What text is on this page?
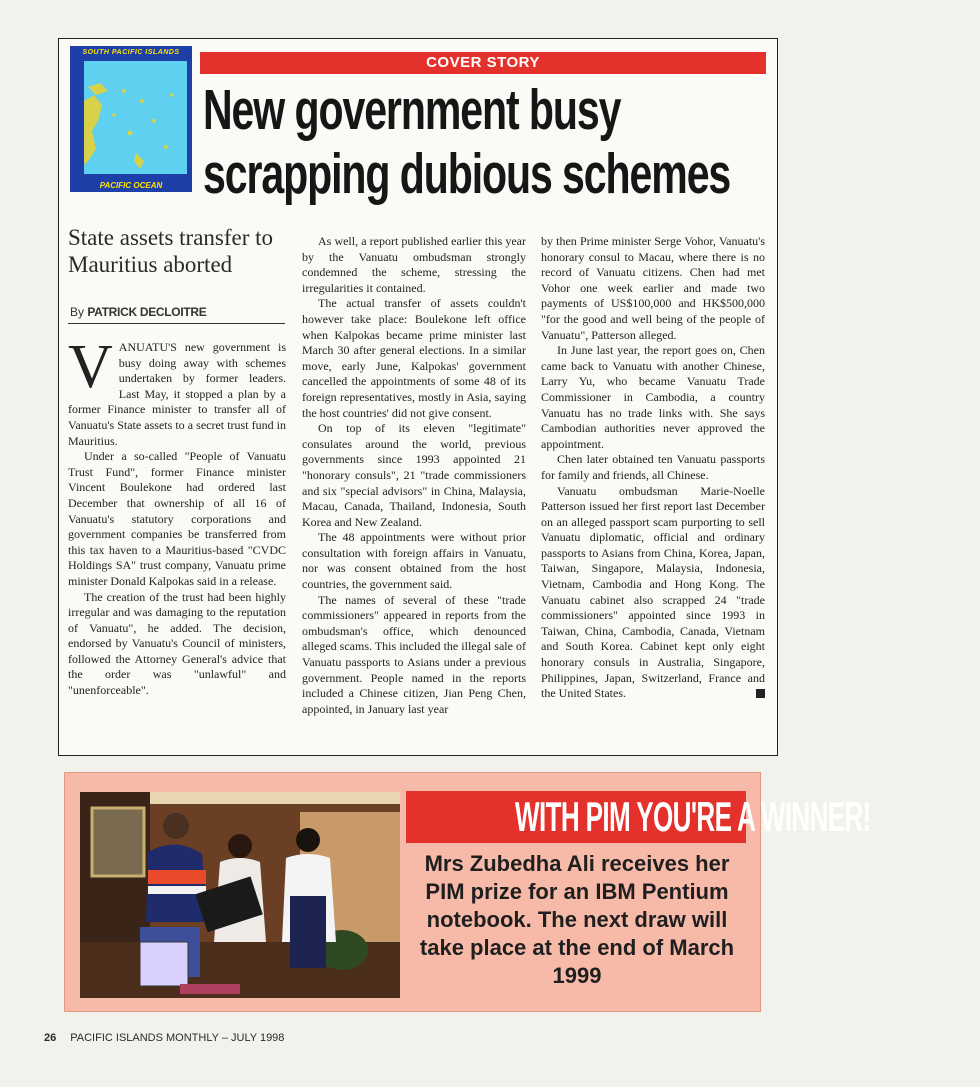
SOUTH PACIFIC ISLANDS
PACIFIC OCEAN
COVER STORY
New government busy
scrapping dubious schemes

State assets transfer to Mauritius aborted

By PATRICK DECLOITRE

VANUATU'S new government is busy doing away with schemes undertaken by former leaders. Last May, it stopped a plan by a former Finance minister to transfer all of Vanuatu's State assets to a secret trust fund in Mauritius.

Under a so-called "People of Vanuatu Trust Fund", former Finance minister Vincent Boulekone had ordered last December that ownership of all 16 of Vanuatu's statutory corporations and government companies be transferred from this tax haven to a Mauritius-based "CVDC Holdings SA" trust company, Vanuatu prime minister Donald Kalpokas said in a release.

The creation of the trust had been highly irregular and was damaging to the reputation of Vanuatu", he added. The decision, endorsed by Vanuatu's Council of ministers, followed the Attorney General's advice that the order was "unlawful" and "unenforceable".

As well, a report published earlier this year by the Vanuatu ombudsman strongly condemned the scheme, stressing the irregularities it contained.

The actual transfer of assets couldn't however take place: Boulekone left office when Kalpokas became prime minister last March 30 after general elections. In a similar move, early June, Kalpokas' government cancelled the appointments of some 48 of its foreign representatives, mostly in Asia, saying the host countries' did not give consent.

On top of its eleven "legitimate" consulates around the world, previous governments since 1993 appointed 21 "honorary consuls", 21 "trade commissioners and six "special advisors" in China, Malaysia, Macau, Canada, Thailand, Indonesia, South Korea and New Zealand.

The 48 appointments were without prior consultation with foreign affairs in Vanuatu, nor was consent obtained from the host countries, the government said.

The names of several of these "trade commissioners" appeared in reports from the ombudsman's office, which denounced alleged scams. This included the illegal sale of Vanuatu passports to Asians under a previous government. People named in the reports included a Chinese citizen, Jian Peng Chen, appointed, in January last year

by then Prime minister Serge Vohor, Vanuatu's honorary consul to Macau, where there is no record of Vanuatu citizens. Chen had met Vohor one week earlier and made two payments of US$100,000 and HK$500,000 "for the good and well being of the people of Vanuatu", Patterson alleged.

In June last year, the report goes on, Chen came back to Vanuatu with another Chinese, Larry Yu, who became Vanuatu Trade Commissioner in Cambodia, a country Vanuatu has no trade links with. She says Cambodian authorities never approved the appointment.

Chen later obtained ten Vanuatu passports for family and friends, all Chinese.

Vanuatu ombudsman Marie-Noelle Patterson issued her first report last December on an alleged passport scam purporting to sell Vanuatu diplomatic, official and ordinary passports to Asians from China, Korea, Japan, Taiwan, Singapore, Malaysia, Indonesia, Vietnam, Cambodia and Hong Kong. The Vanuatu cabinet also scrapped 24 "trade commissioners" appointed since 1993 in Taiwan, China, Cambodia, Canada, Vietnam and South Korea. Cabinet kept only eight honorary consuls in Australia, Singapore, Philippines, Japan, Switzerland, France and the United States.

WITH PIM YOU'RE A WINNER!

Mrs Zubedha Ali receives her PIM prize for an IBM Pentium notebook. The next draw will take place at the end of March 1999

26 PACIFIC ISLANDS MONTHLY – JULY 1998
